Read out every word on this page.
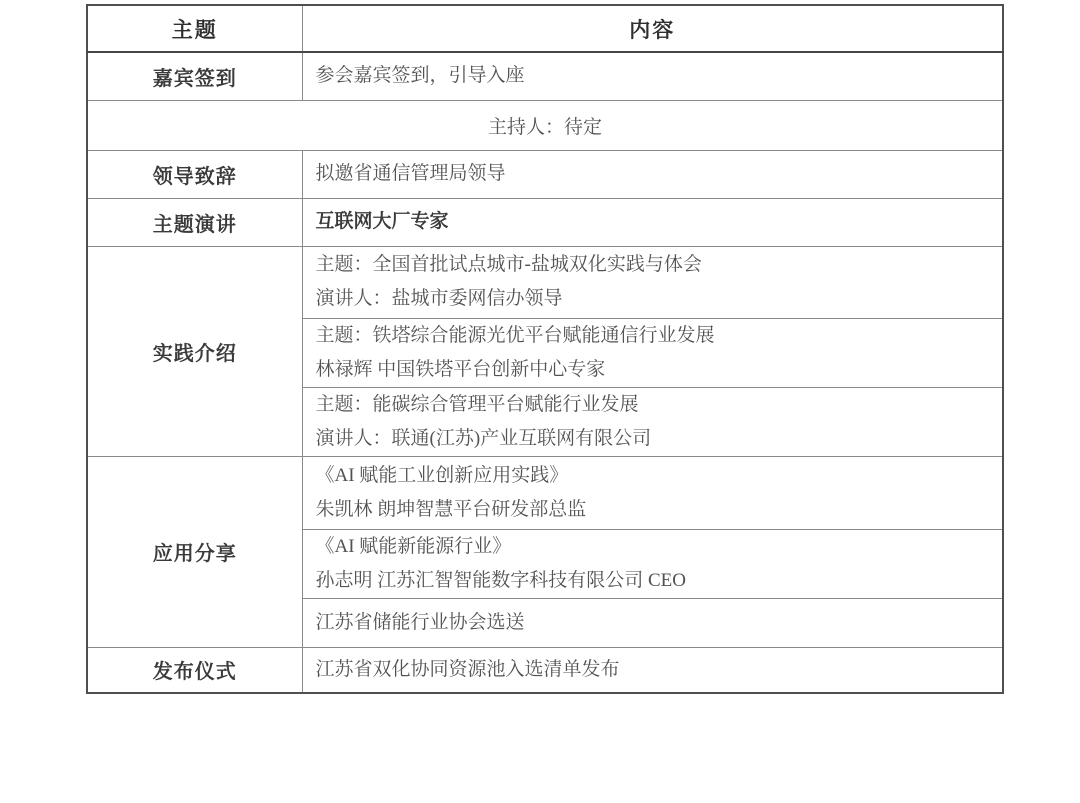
主题	内容
嘉宾签到	参会嘉宾签到，引导入座

主持人：待定	
领导致辞	拟邀省通信管理局领导

主题演讲	互联网大厂专家

实践介绍	主题：全国首批试点城市-盐城双化实践与体会
演讲人：盐城市委网信办领导

	主题：铁塔综合能源光优平台赋能通信行业发展
林禄辉 中国铁塔平台创新中心专家

	主题：能碳综合管理平台赋能行业发展
演讲人：联通(江苏)产业互联网有限公司

应用分享	《AI 赋能工业创新应用实践》
朱凯林 朗坤智慧平台研发部总监

	《AI 赋能新能源行业》
孙志明 江苏汇智智能数字科技有限公司 CEO

	江苏省储能行业协会选送

发布仪式	江苏省双化协同资源池入选清单发布
